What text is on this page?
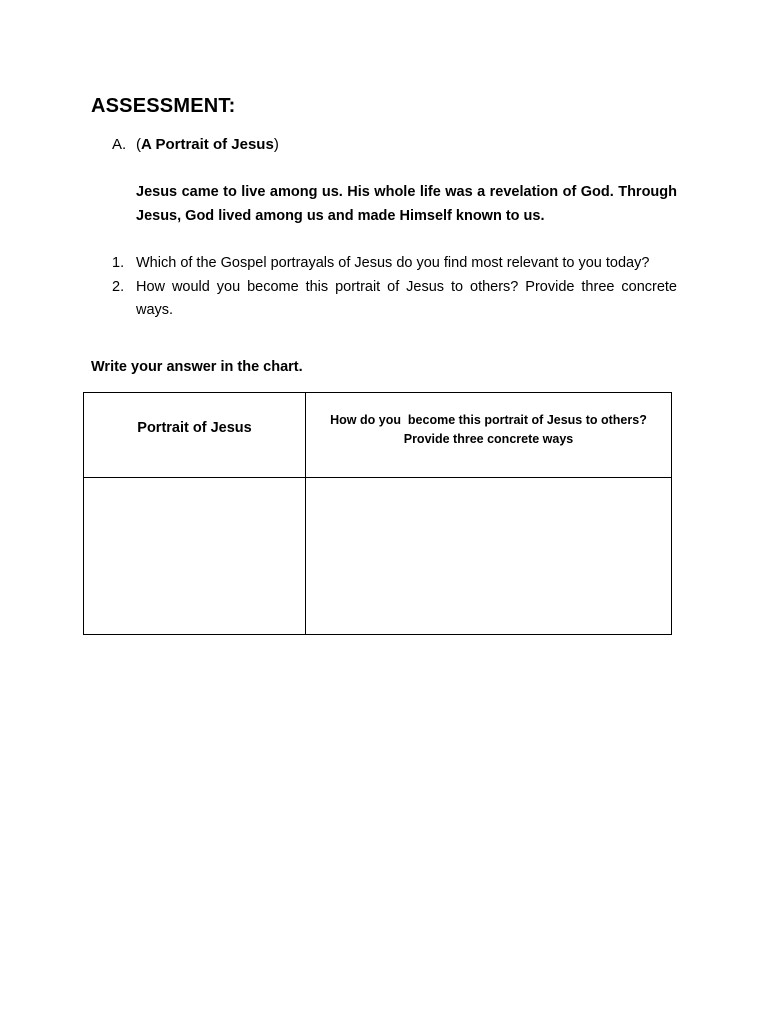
ASSESSMENT:
A. ( A Portrait of Jesus )
Jesus came to live among us. His whole life was a revelation of God. Through Jesus, God lived among us and made Himself known to us.
1. Which of the Gospel portrayals of Jesus do you find most relevant to you today?
2. How would you become this portrait of Jesus to others? Provide three concrete ways.
Write your answer in the chart.
Portrait of Jesus	How do you  become this portrait of Jesus to others?
Provide three concrete ways
